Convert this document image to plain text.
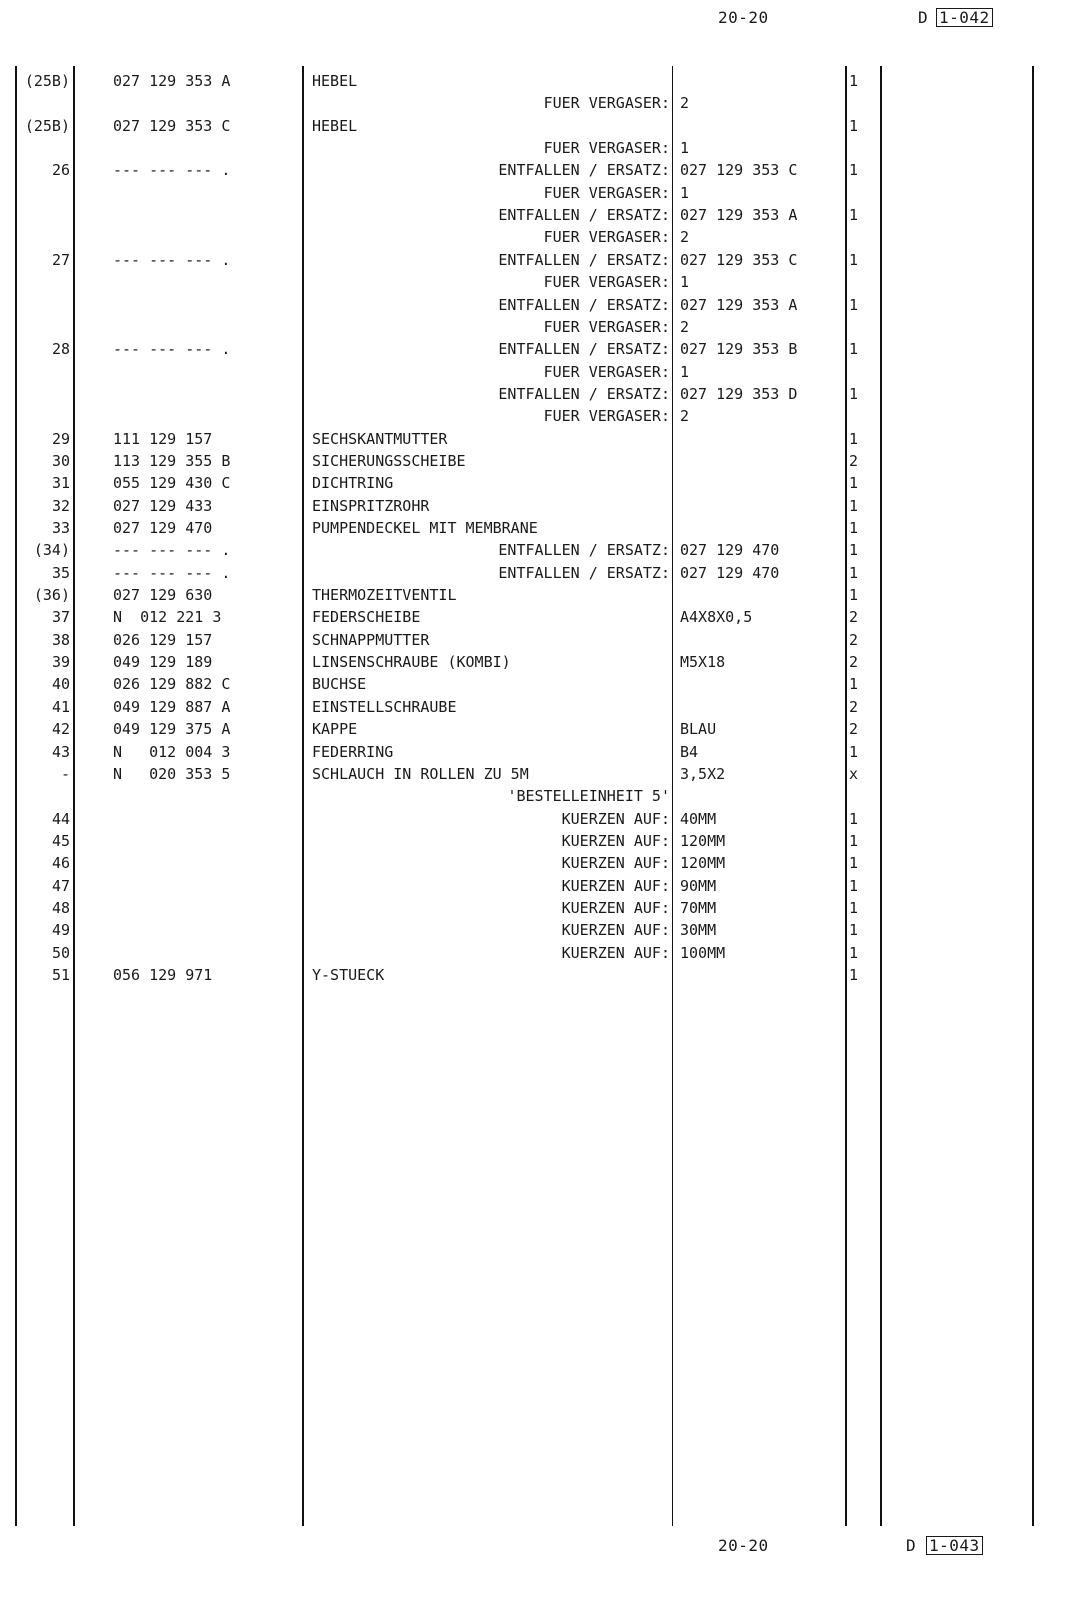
20-20	D 1-042
(25B)	027 129 353 A	HEBEL	1
FUER VERGASER: 2
(25B)	027 129 353 C	HEBEL	1
FUER VERGASER: 1
26	--- --- --- .	ENTFALLEN / ERSATZ: 027 129 353 C	1
FUER VERGASER: 1
ENTFALLEN / ERSATZ: 027 129 353 A	1
FUER VERGASER: 2
27	--- --- --- .	ENTFALLEN / ERSATZ: 027 129 353 C	1
FUER VERGASER: 1
ENTFALLEN / ERSATZ: 027 129 353 A	1
FUER VERGASER: 2
28	--- --- --- .	ENTFALLEN / ERSATZ: 027 129 353 B	1
FUER VERGASER: 1
ENTFALLEN / ERSATZ: 027 129 353 D	1
FUER VERGASER: 2
29	111 129 157	SECHSKANTMUTTER	1
30	113 129 355 B	SICHERUNGSSCHEIBE	2
31	055 129 430 C	DICHTRING	1
32	027 129 433	EINSPRITZROHR	1
33	027 129 470	PUMPENDECKEL MIT MEMBRANE	1
(34)	--- --- --- .	ENTFALLEN / ERSATZ: 027 129 470	1
35	--- --- --- .	ENTFALLEN / ERSATZ: 027 129 470	1
(36)	027 129 630	THERMOZEITVENTIL	1
37	N  012 221 3	FEDERSCHEIBE	A4X8X0,5	2
38	026 129 157	SCHNAPPMUTTER	2
39	049 129 189	LINSENSCHRAUBE (KOMBI)	M5X18	2
40	026 129 882 C	BUCHSE	1
41	049 129 887 A	EINSTELLSCHRAUBE	2
42	049 129 375 A	KAPPE	BLAU	2
43	N   012 004 3	FEDERRING	B4	1
-	N   020 353 5	SCHLAUCH IN ROLLEN ZU 5M	3,5X2	x
'BESTELLEINHEIT 5'
44	KUERZEN AUF: 40MM	1
45	KUERZEN AUF: 120MM	1
46	KUERZEN AUF: 120MM	1
47	KUERZEN AUF: 90MM	1
48	KUERZEN AUF: 70MM	1
49	KUERZEN AUF: 30MM	1
50	KUERZEN AUF: 100MM	1
51	056 129 971	Y-STUECK	1
20-20	D 1-043
